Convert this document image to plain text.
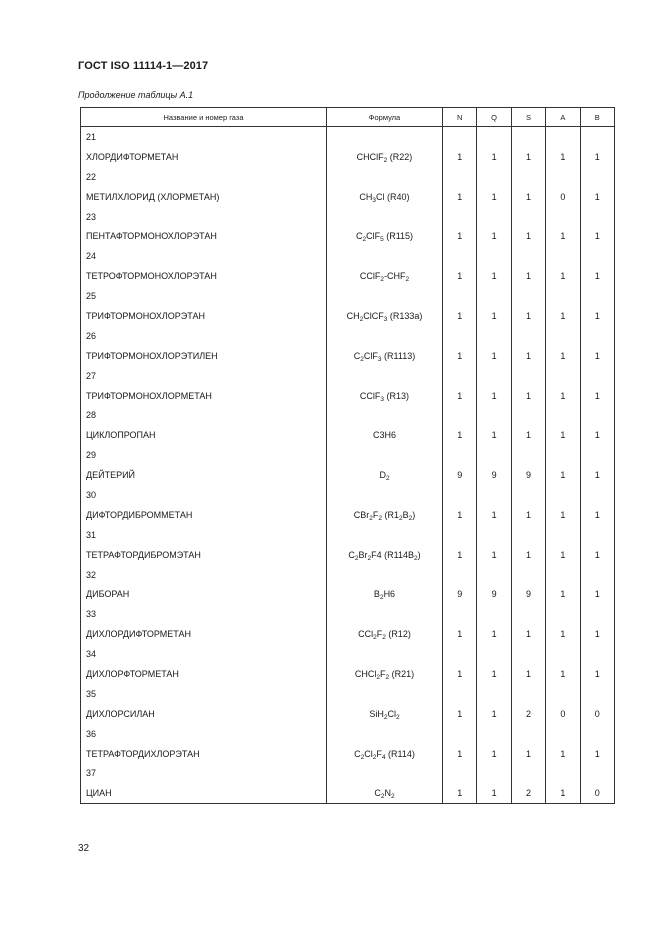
ГОСТ ISO 11114-1—2017
Продолжение таблицы А.1
Название и номер газа	Формула	N	Q	S	A	B
21						
ХЛОРДИФТОРМЕТАН	CHClF$_2$ (R22)	1	1	1	1	1
22						
МЕТИЛХЛОРИД (ХЛОРМЕТАН)	$CH_3Cl$ (R40)	1	1	1	0	1
23						
ПЕНТАФТОРМОНОХЛОРЭТАН	$C_2ClF_5$ (R115)	1	1	1	1	1
24						
ТЕТРОФТОРМОНОХЛОРЭТАН	$CClF_2-CHF_2$	1	1	1	1	1
25						
ТРИФТОРМОНОХЛОРЭТАН	$CH_2ClCF_3$ (R133a)	1	1	1	1	1
26						
ТРИФТОРМОНОХЛОРЭТИЛЕН	$C_2ClF_3$ (R1113)	1	1	1	1	1
27						
ТРИФТОРМОНОХЛОРМЕТАН	CClF$_3$ (R13)	1	1	1	1	1
28						
ЦИКЛОПРОПАН	C3H6	1	1	1	1	1
29						
ДЕЙТЕРИЙ	$D_2$	9	9	9	1	1
30						
ДИФТОРДИБРОММЕТАН	$CBr_2F_2$ $(R1_2B_2)$	1	1	1	1	1
31						
ТЕТРАФТОРДИБРОМЭТАН	$C_2Br_2F4$ $(R114B_2)$	1	1	1	1	1
32						
ДИБОРАН	$B_2H6$	9	9	9	1	1
33						
ДИХЛОРДИФТОРМЕТАН	$CCl_2F_2$ (R12)	1	1	1	1	1
34						
ДИХЛОРФТОРМЕТАН	$CHCl_2F_2$ (R21)	1	1	1	1	1
35						
ДИХЛОРСИЛАН	$SiH_2Cl_2$	1	1	2	0	0
36						
ТЕТРАФТОРДИХЛОРЭТАН	$C_2Cl_2F_4$ (R114)	1	1	1	1	1
37						
ЦИАН	$C_2N_2$	1	1	2	1	0
32
